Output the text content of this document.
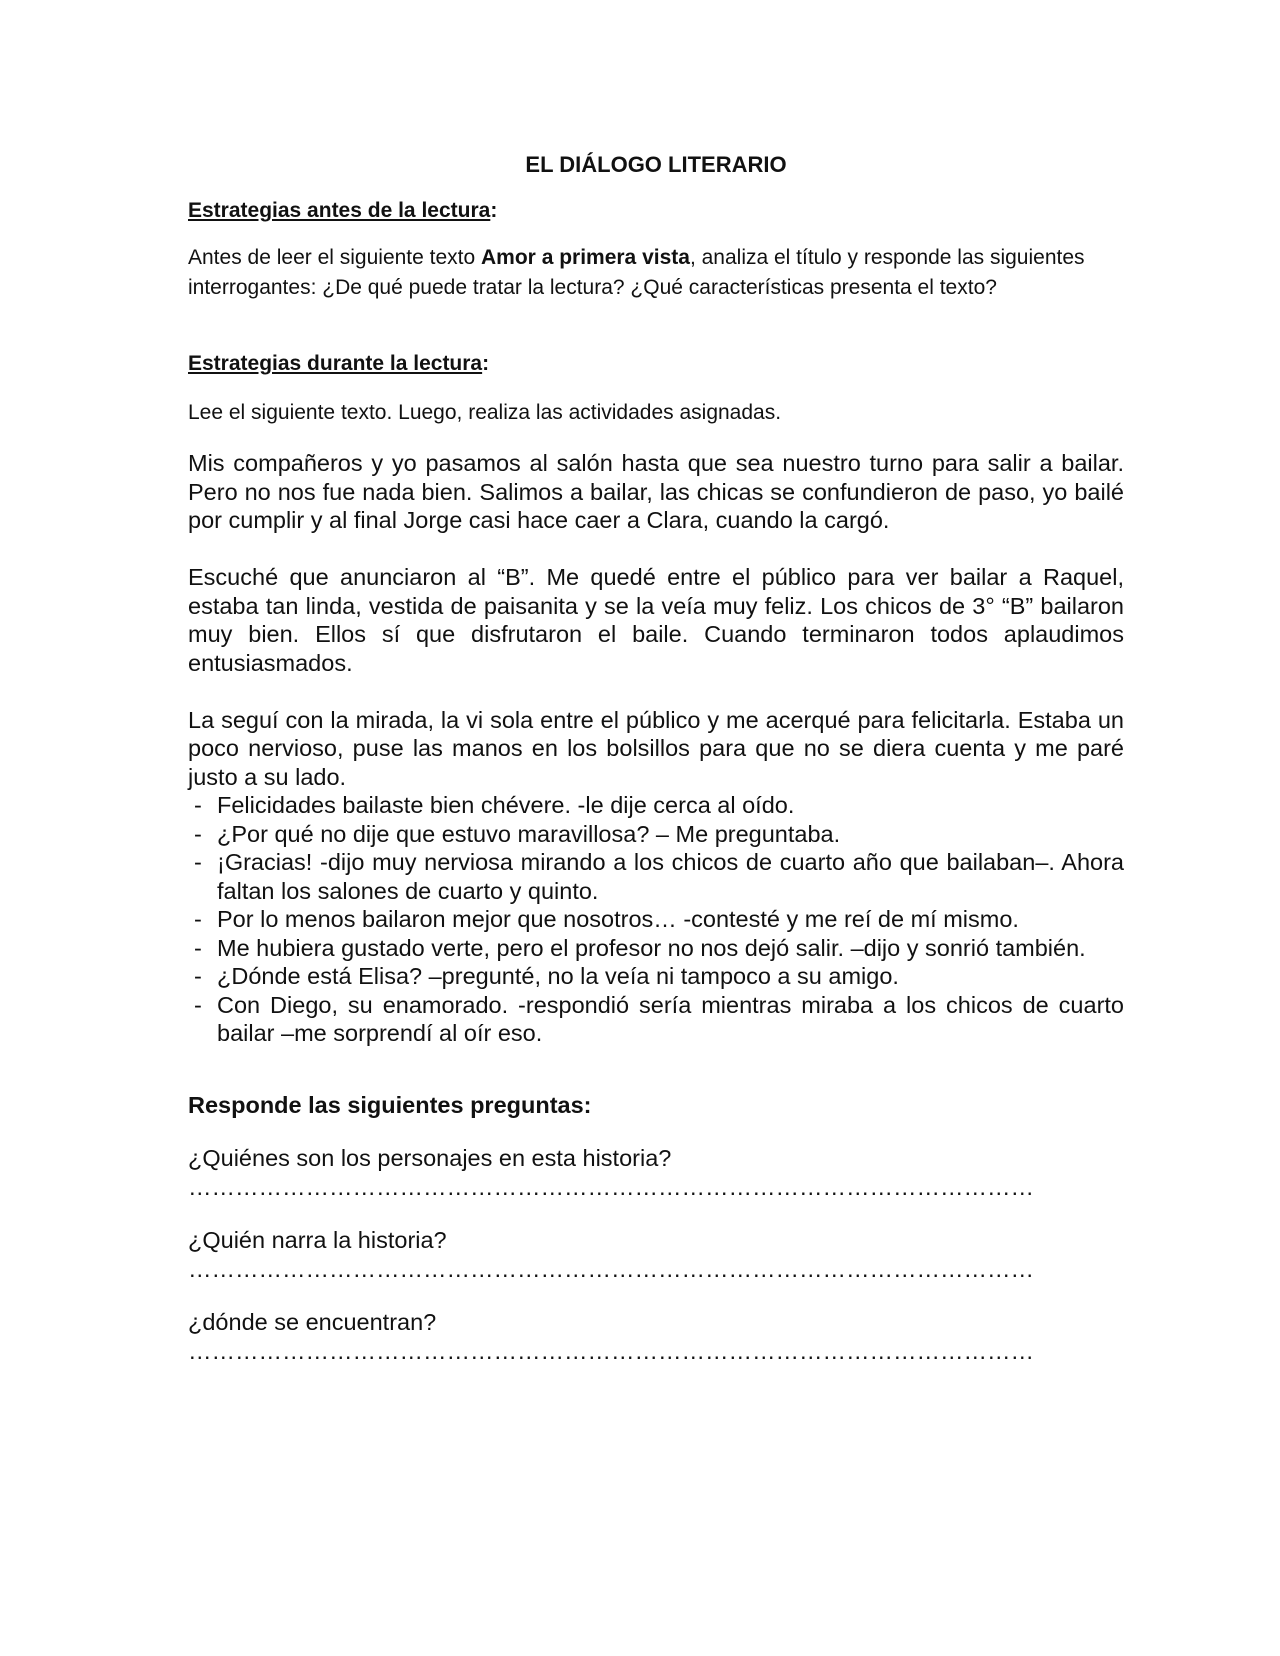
EL DIÁLOGO LITERARIO
Estrategias antes de la lectura:
Antes de leer el siguiente texto Amor a primera vista, analiza el título y responde las siguientes interrogantes: ¿De qué puede tratar la lectura? ¿Qué características presenta el texto?
Estrategias durante la lectura:
Lee el siguiente texto. Luego, realiza las actividades asignadas.

Mis compañeros y yo pasamos al salón hasta que sea nuestro turno para salir a bailar. Pero no nos fue nada bien. Salimos a bailar, las chicas se confundieron de paso, yo bailé por cumplir y al final Jorge casi hace caer a Clara, cuando la cargó.

Escuché que anunciaron al “B”. Me quedé entre el público para ver bailar a Raquel, estaba tan linda, vestida de paisanita y se la veía muy feliz. Los chicos de 3° “B” bailaron muy bien. Ellos sí que disfrutaron el baile. Cuando terminaron todos aplaudimos entusiasmados.

La seguí con la mirada, la vi sola entre el público y me acerqué para felicitarla. Estaba un poco nervioso, puse las manos en los bolsillos para que no se diera cuenta y me paré justo a su lado.

- Felicidades bailaste bien chévere. -le dije cerca al oído.
- ¿Por qué no dije que estuvo maravillosa? – Me preguntaba.
- ¡Gracias! -dijo muy nerviosa mirando a los chicos de cuarto año que bailaban–. Ahora faltan los salones de cuarto y quinto.
- Por lo menos bailaron mejor que nosotros… -contesté y me reí de mí mismo.
- Me hubiera gustado verte, pero el profesor no nos dejó salir. –dijo y sonrió también.
- ¿Dónde está Elisa? –pregunté, no la veía ni tampoco a su amigo.
- Con Diego, su enamorado. -respondió sería mientras miraba a los chicos de cuarto bailar –me sorprendí al oír eso.
Responde las siguientes preguntas:
¿Quiénes son los personajes en esta historia?
………………………………………………………………………………………………
¿Quién narra la historia?
………………………………………………………………………………………………
¿dónde se encuentran?
………………………………………………………………………………………………
